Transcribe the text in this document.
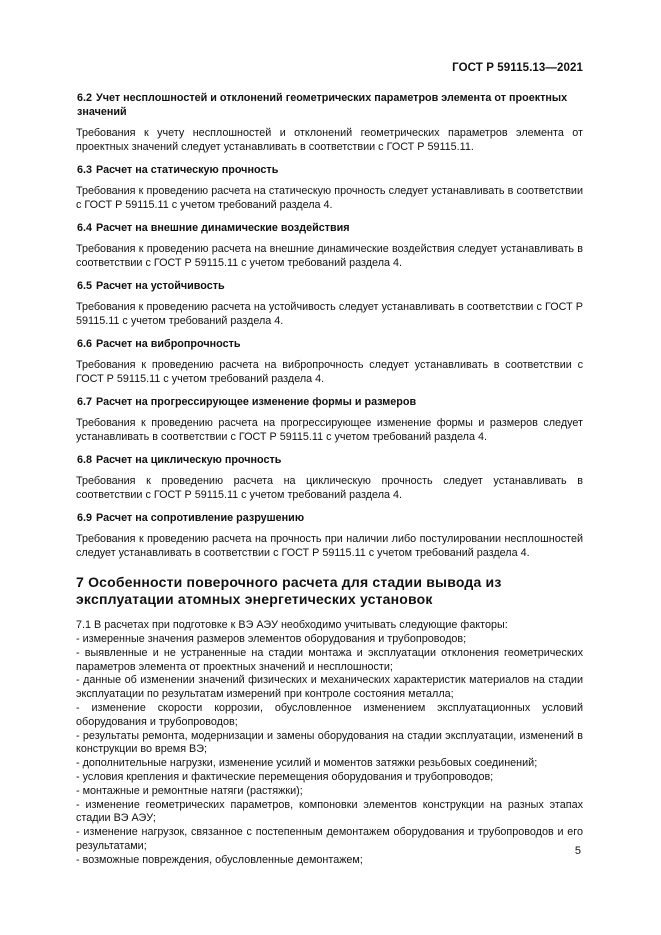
ГОСТ Р 59115.13—2021

6.2 Учет несплошностей и отклонений геометрических параметров элемента от проектных значений

Требования к учету несплошностей и отклонений геометрических параметров элемента от проектных значений следует устанавливать в соответствии с ГОСТ Р 59115.11.

6.3 Расчет на статическую прочность

Требования к проведению расчета на статическую прочность следует устанавливать в соответствии с ГОСТ Р 59115.11 с учетом требований раздела 4.

6.4 Расчет на внешние динамические воздействия

Требования к проведению расчета на внешние динамические воздействия следует устанавливать в соответствии с ГОСТ Р 59115.11 с учетом требований раздела 4.

6.5 Расчет на устойчивость

Требования к проведению расчета на устойчивость следует устанавливать в соответствии с ГОСТ Р 59115.11 с учетом требований раздела 4.

6.6 Расчет на вибропрочность

Требования к проведению расчета на вибропрочность следует устанавливать в соответствии с ГОСТ Р 59115.11 с учетом требований раздела 4.

6.7 Расчет на прогрессирующее изменение формы и размеров

Требования к проведению расчета на прогрессирующее изменение формы и размеров следует устанавливать в соответствии с ГОСТ Р 59115.11 с учетом требований раздела 4.

6.8 Расчет на циклическую прочность

Требования к проведению расчета на циклическую прочность следует устанавливать в соответствии с ГОСТ Р 59115.11 с учетом требований раздела 4.

6.9 Расчет на сопротивление разрушению

Требования к проведению расчета на прочность при наличии либо постулировании несплошностей следует устанавливать в соответствии с ГОСТ Р 59115.11 с учетом требований раздела 4.

7 Особенности поверочного расчета для стадии вывода из эксплуатации атомных энергетических установок

7.1 В расчетах при подготовке к ВЭ АЭУ необходимо учитывать следующие факторы:

- измеренные значения размеров элементов оборудования и трубопроводов;

- выявленные и не устраненные на стадии монтажа и эксплуатации отклонения геометрических параметров элемента от проектных значений и несплошности;

- данные об изменении значений физических и механических характеристик материалов на стадии эксплуатации по результатам измерений при контроле состояния металла;

- изменение скорости коррозии, обусловленное изменением эксплуатационных условий оборудования и трубопроводов;

- результаты ремонта, модернизации и замены оборудования на стадии эксплуатации, изменений в конструкции во время ВЭ;

- дополнительные нагрузки, изменение усилий и моментов затяжки резьбовых соединений;

- условия крепления и фактические перемещения оборудования и трубопроводов;

- монтажные и ремонтные натяги (растяжки);

- изменение геометрических параметров, компоновки элементов конструкции на разных этапах стадии ВЭ АЭУ;

- изменение нагрузок, связанное с постепенным демонтажем оборудования и трубопроводов и его результатами;

- возможные повреждения, обусловленные демонтажем;

5
